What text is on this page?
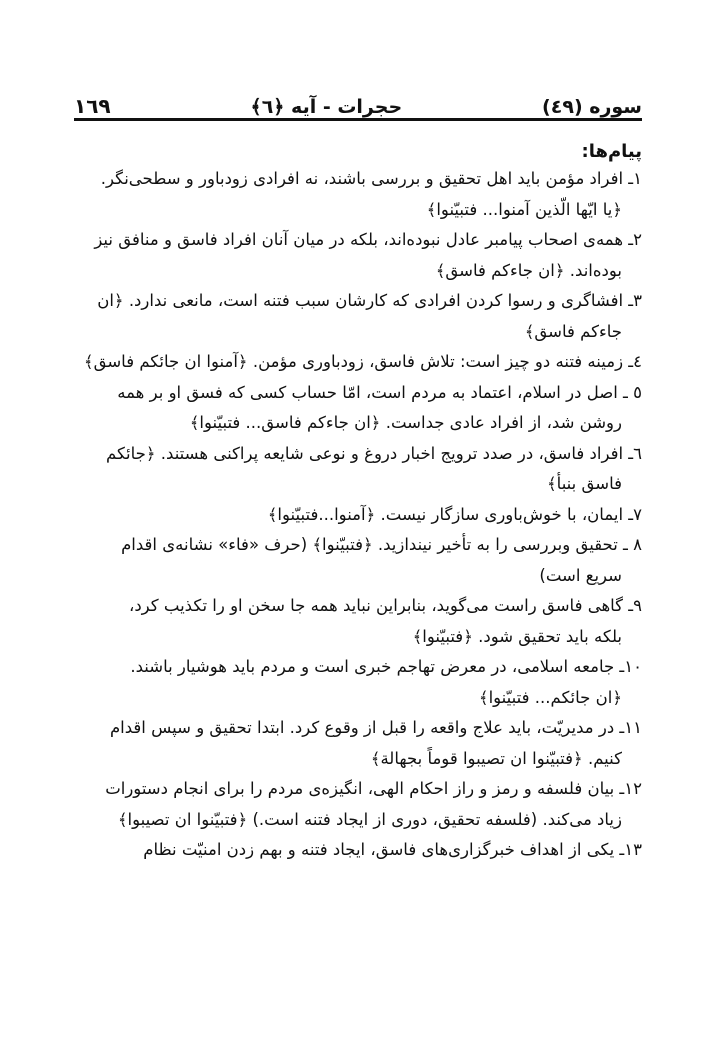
سوره (٤٩)
حجرات - آیه ﴿٦﴾
١٦٩
پیام‌ها:
١ـ افراد مؤمن باید اهل تحقیق و بررسی باشند، نه افرادی زودباور و سطحی‌نگر.
﴿یا ایّها الّذین آمنوا... فتبیّنوا﴾
٢ـ همه‌ی اصحاب پیامبر عادل نبوده‌اند، بلکه در میان آنان افراد فاسق و منافق نیز
بوده‌اند. ﴿ان جاءکم فاسق﴾
٣ـ افشاگری و رسوا کردن افرادی که کارشان سبب فتنه است، مانعی ندارد. ﴿ان
جاءکم فاسق﴾
٤ـ زمینه فتنه دو چیز است: تلاش فاسق، زودباوری مؤمن. ﴿آمنوا ان جائکم فاسق﴾
٥ ـ اصل در اسلام، اعتماد به مردم است، امّا حساب کسی که فسق او بر همه
روشن شد، از افراد عادی جداست. ﴿ان جاءکم فاسق... فتبیّنوا﴾
٦ـ افراد فاسق، در صدد ترویج اخبار دروغ و نوعی شایعه پراکنی هستند. ﴿جائکم
فاسق بنبأ﴾
٧ـ ایمان، با خوش‌باوری سازگار نیست. ﴿آمنوا...فتبیّنوا﴾
٨ ـ تحقیق وبررسی را به تأخیر نیندازید. ﴿فتبیّنوا﴾ (حرف «فاء» نشانه‌ی اقدام
سریع است)
٩ـ گاهی فاسق راست می‌گوید، بنابراین نباید همه جا سخن او را تکذیب کرد،
بلکه باید تحقیق شود. ﴿فتبیّنوا﴾
١٠ـ جامعه اسلامی، در معرض تهاجم خبری است و مردم باید هوشیار باشند.
﴿ان جائکم... فتبیّنوا﴾
١١ـ در مدیریّت، باید علاج واقعه را قبل از وقوع کرد. ابتدا تحقیق و سپس اقدام
کنیم. ﴿فتبیّنوا ان تصیبوا قوماً بجهالة﴾
١٢ـ بیان فلسفه و رمز و راز احکام الهی، انگیزه‌ی مردم را برای انجام دستورات
زیاد می‌کند. (فلسفه تحقیق، دوری از ایجاد فتنه است.) ﴿فتبیّنوا ان تصیبوا﴾
١٣ـ یکی از اهداف خبرگزاری‌های فاسق، ایجاد فتنه و بهم زدن امنیّت نظام
